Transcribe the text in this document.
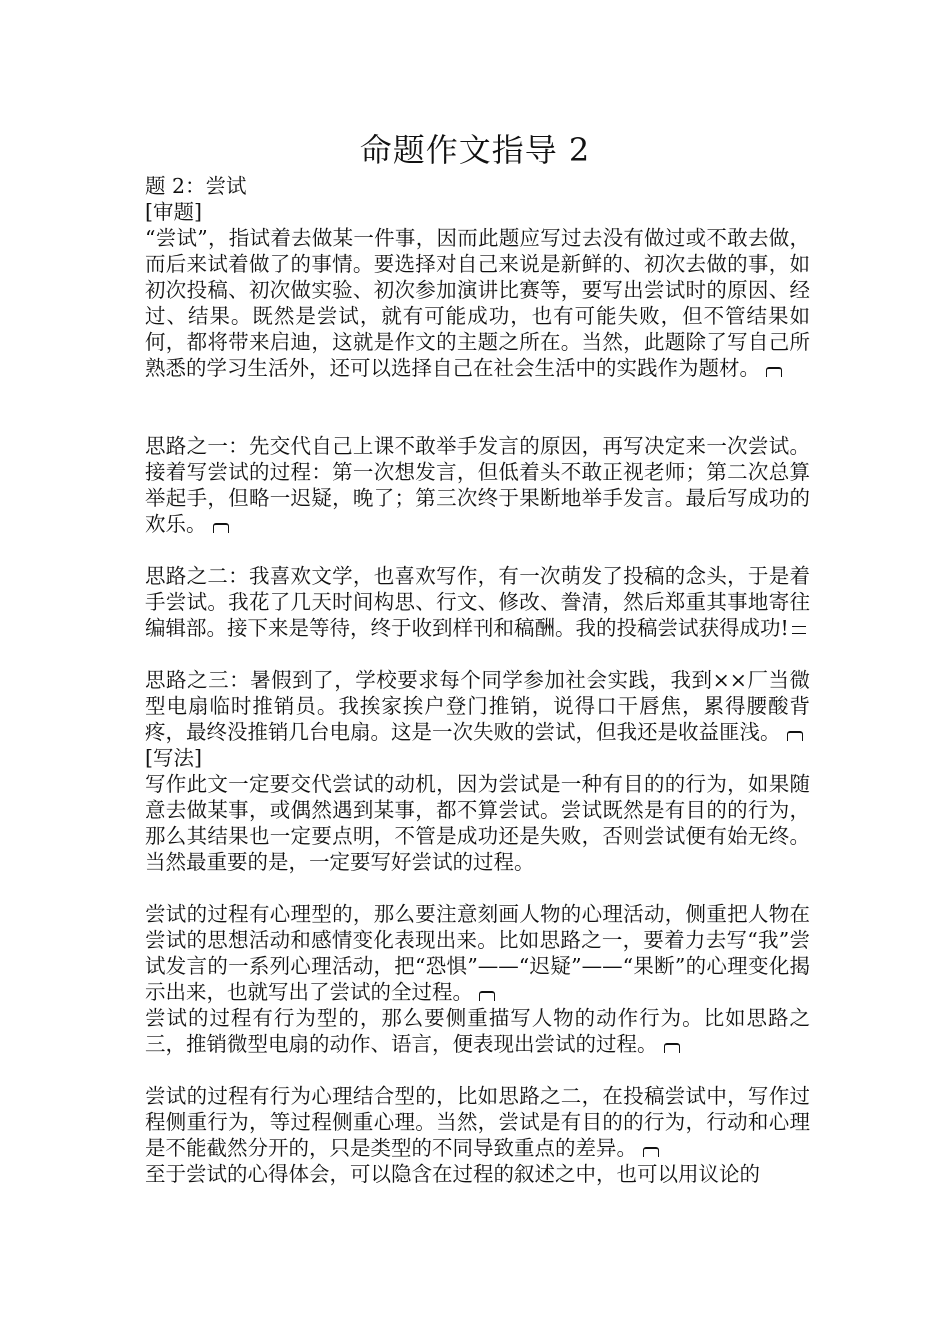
命题作文指导 2

题 2：尝试

[审题]

“尝试”，指试着去做某一件事，因而此题应写过去没有做过或不敢去做，而后来试着做了的事情。要选择对自己来说是新鲜的、初次去做的事，如初次投稿、初次做实验、初次参加演讲比赛等，要写出尝试时的原因、经过、结果。既然是尝试，就有可能成功，也有可能失败，但不管结果如何，都将带来启迪，这就是作文的主题之所在。当然，此题除了写自己所熟悉的学习生活外，还可以选择自己在社会生活中的实践作为题材。

思路之一：先交代自己上课不敢举手发言的原因，再写决定来一次尝试。接着写尝试的过程：第一次想发言，但低着头不敢正视老师；第二次总算举起手，但略一迟疑，晚了；第三次终于果断地举手发言。最后写成功的欢乐。

思路之二：我喜欢文学，也喜欢写作，有一次萌发了投稿的念头，于是着手尝试。我花了几天时间构思、行文、修改、誊清，然后郑重其事地寄往编辑部。接下来是等待，终于收到样刊和稿酬。我的投稿尝试获得成功!

思路之三：暑假到了，学校要求每个同学参加社会实践，我到××厂当微型电扇临时推销员。我挨家挨户登门推销，说得口干唇焦，累得腰酸背疼，最终没推销几台电扇。这是一次失败的尝试，但我还是收益匪浅。

[写法]

写作此文一定要交代尝试的动机，因为尝试是一种有目的的行为，如果随意去做某事，或偶然遇到某事，都不算尝试。尝试既然是有目的的行为，那么其结果也一定要点明，不管是成功还是失败，否则尝试便有始无终。当然最重要的是，一定要写好尝试的过程。

尝试的过程有心理型的，那么要注意刻画人物的心理活动，侧重把人物在尝试的思想活动和感情变化表现出来。比如思路之一，要着力去写“我”尝试发言的一系列心理活动，把“恐惧”——“迟疑”——“果断”的心理变化揭示出来，也就写出了尝试的全过程。

尝试的过程有行为型的，那么要侧重描写人物的动作行为。比如思路之三，推销微型电扇的动作、语言，便表现出尝试的过程。

尝试的过程有行为心理结合型的，比如思路之二，在投稿尝试中，写作过程侧重行为，等过程侧重心理。当然，尝试是有目的的行为，行动和心理是不能截然分开的，只是类型的不同导致重点的差异。

至于尝试的心得体会，可以隐含在过程的叙述之中，也可以用议论的
